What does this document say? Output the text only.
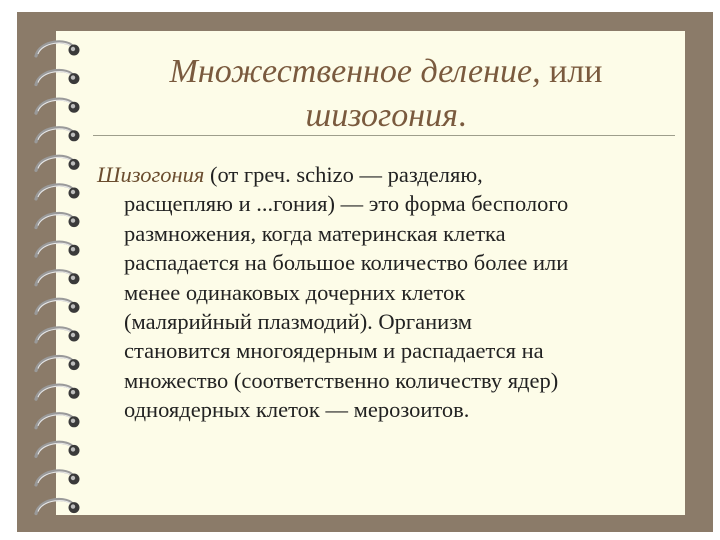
Множественное деление, или
шизогония.

Шизогония (от греч. schizo — разделяю,
расщепляю и ...гония) — это форма бесполого
размножения, когда материнская клетка
распадается на большое количество более или
менее одинаковых дочерних клеток
(малярийный плазмодий). Организм
становится многоядерным и распадается на
множество (соответственно количеству ядер)
одноядерных клеток — мерозоитов.
